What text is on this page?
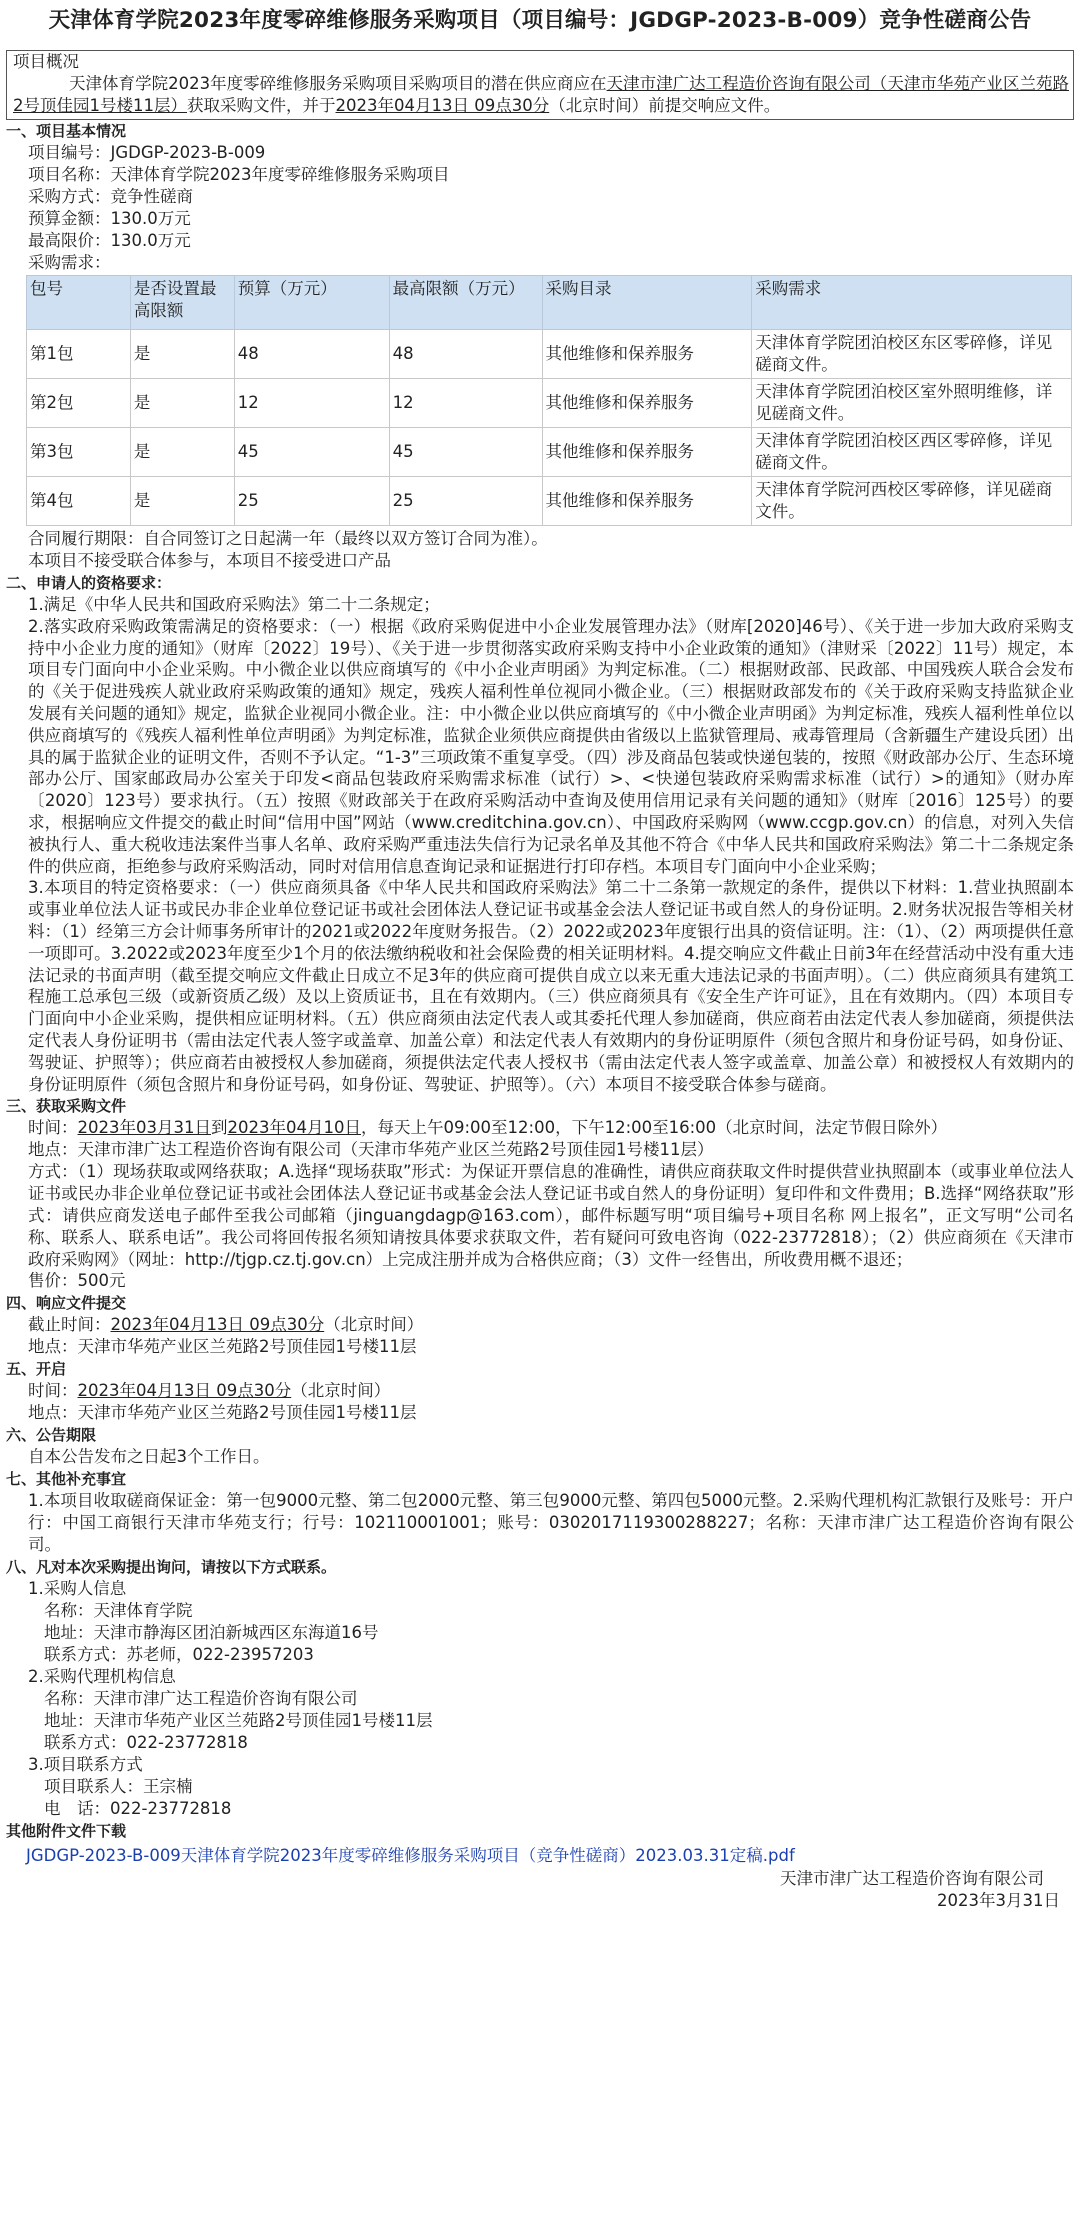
天津体育学院2023年度零碎维修服务采购项目（项目编号：JGDGP-2023-B-009）竞争性磋商公告
项目概况
天津体育学院2023年度零碎维修服务采购项目采购项目的潜在供应商应在天津市津广达工程造价咨询有限公司（天津市华苑产业区兰苑路2号顶佳园1号楼11层）获取采购文件，并于2023年04月13日 09点30分（北京时间）前提交响应文件。
一、项目基本情况
项目编号：JGDGP-2023-B-009
项目名称：天津体育学院2023年度零碎维修服务采购项目
采购方式：竞争性磋商
预算金额：130.0万元
最高限价：130.0万元
采购需求：
包号	是否设置最高限额	预算（万元）	最高限额（万元）	采购目录	采购需求
第1包	是	48	48	其他维修和保养服务	天津体育学院团泊校区东区零碎修，详见磋商文件。
第2包	是	12	12	其他维修和保养服务	天津体育学院团泊校区室外照明维修，详见磋商文件。
第3包	是	45	45	其他维修和保养服务	天津体育学院团泊校区西区零碎修，详见磋商文件。
第4包	是	25	25	其他维修和保养服务	天津体育学院河西校区零碎修，详见磋商文件。
合同履行期限：自合同签订之日起满一年（最终以双方签订合同为准）。
本项目不接受联合体参与，本项目不接受进口产品
二、申请人的资格要求：
1.满足《中华人民共和国政府采购法》第二十二条规定；
2.落实政府采购政策需满足的资格要求：（一）根据《政府采购促进中小企业发展管理办法》（财库[2020]46号）、《关于进一步加大政府采购支持中小企业力度的通知》（财库〔2022〕19号）、《关于进一步贯彻落实政府采购支持中小企业政策的通知》（津财采〔2022〕11号）规定，本项目专门面向中小企业采购。中小微企业以供应商填写的《中小企业声明函》为判定标准。（二）根据财政部、民政部、中国残疾人联合会发布的《关于促进残疾人就业政府采购政策的通知》规定，残疾人福利性单位视同小微企业。（三）根据财政部发布的《关于政府采购支持监狱企业发展有关问题的通知》规定，监狱企业视同小微企业。注：中小微企业以供应商填写的《中小微企业声明函》为判定标准，残疾人福利性单位以供应商填写的《残疾人福利性单位声明函》为判定标准，监狱企业须供应商提供由省级以上监狱管理局、戒毒管理局（含新疆生产建设兵团）出具的属于监狱企业的证明文件，否则不予认定。“1-3”三项政策不重复享受。（四）涉及商品包装或快递包装的，按照《财政部办公厅、生态环境部办公厅、国家邮政局办公室关于印发<商品包装政府采购需求标准（试行）>、<快递包装政府采购需求标准（试行）>的通知》（财办库〔2020〕123号）要求执行。（五）按照《财政部关于在政府采购活动中查询及使用信用记录有关问题的通知》（财库〔2016〕125号）的要求，根据响应文件提交的截止时间“信用中国”网站（www.creditchina.gov.cn）、中国政府采购网（www.ccgp.gov.cn）的信息，对列入失信被执行人、重大税收违法案件当事人名单、政府采购严重违法失信行为记录名单及其他不符合《中华人民共和国政府采购法》第二十二条规定条件的供应商，拒绝参与政府采购活动，同时对信用信息查询记录和证据进行打印存档。本项目专门面向中小企业采购；
3.本项目的特定资格要求：（一）供应商须具备《中华人民共和国政府采购法》第二十二条第一款规定的条件，提供以下材料：1.营业执照副本或事业单位法人证书或民办非企业单位登记证书或社会团体法人登记证书或基金会法人登记证书或自然人的身份证明。2.财务状况报告等相关材料：（1）经第三方会计师事务所审计的2021或2022年度财务报告。（2）2022或2023年度银行出具的资信证明。注：（1）、（2）两项提供任意一项即可。3.2022或2023年度至少1个月的依法缴纳税收和社会保险费的相关证明材料。4.提交响应文件截止日前3年在经营活动中没有重大违法记录的书面声明（截至提交响应文件截止日成立不足3年的供应商可提供自成立以来无重大违法记录的书面声明）。（二）供应商须具有建筑工程施工总承包三级（或新资质乙级）及以上资质证书，且在有效期内。（三）供应商须具有《安全生产许可证》，且在有效期内。（四）本项目专门面向中小企业采购，提供相应证明材料。（五）供应商须由法定代表人或其委托代理人参加磋商，供应商若由法定代表人参加磋商，须提供法定代表人身份证明书（需由法定代表人签字或盖章、加盖公章）和法定代表人有效期内的身份证明原件（须包含照片和身份证号码，如身份证、驾驶证、护照等）；供应商若由被授权人参加磋商，须提供法定代表人授权书（需由法定代表人签字或盖章、加盖公章）和被授权人有效期内的身份证明原件（须包含照片和身份证号码，如身份证、驾驶证、护照等）。（六）本项目不接受联合体参与磋商。
三、获取采购文件
时间：2023年03月31日到2023年04月10日，每天上午09:00至12:00，下午12:00至16:00（北京时间，法定节假日除外）
地点：天津市津广达工程造价咨询有限公司（天津市华苑产业区兰苑路2号顶佳园1号楼11层）
方式：（1）现场获取或网络获取；A.选择“现场获取”形式：为保证开票信息的准确性，请供应商获取文件时提供营业执照副本（或事业单位法人证书或民办非企业单位登记证书或社会团体法人登记证书或基金会法人登记证书或自然人的身份证明）复印件和文件费用；B.选择“网络获取”形式：请供应商发送电子邮件至我公司邮箱（jinguangdagp@163.com），邮件标题写明“项目编号+项目名称 网上报名”，正文写明“公司名称、联系人、联系电话”。我公司将回传报名须知请按具体要求获取文件，若有疑问可致电咨询（022-23772818）；（2）供应商须在《天津市政府采购网》（网址：http://tjgp.cz.tj.gov.cn）上完成注册并成为合格供应商；（3）文件一经售出，所收费用概不退还；
售价：500元
四、响应文件提交
截止时间：2023年04月13日 09点30分（北京时间）
地点：天津市华苑产业区兰苑路2号顶佳园1号楼11层
五、开启
时间：2023年04月13日 09点30分（北京时间）
地点：天津市华苑产业区兰苑路2号顶佳园1号楼11层
六、公告期限
自本公告发布之日起3个工作日。
七、其他补充事宜
1.本项目收取磋商保证金：第一包9000元整、第二包2000元整、第三包9000元整、第四包5000元整。2.采购代理机构汇款银行及账号：开户行：中国工商银行天津市华苑支行；行号：102110001001；账号：0302017119300288227；名称：天津市津广达工程造价咨询有限公司。
八、凡对本次采购提出询问，请按以下方式联系。
1.采购人信息
名称：天津体育学院
地址：天津市静海区团泊新城西区东海道16号
联系方式：苏老师，022-23957203
2.采购代理机构信息
名称：天津市津广达工程造价咨询有限公司
地址：天津市华苑产业区兰苑路2号顶佳园1号楼11层
联系方式：022-23772818
3.项目联系方式
项目联系人：王宗楠
电　话：022-23772818
其他附件文件下载
JGDGP-2023-B-009天津体育学院2023年度零碎维修服务采购项目（竞争性磋商）2023.03.31定稿.pdf
天津市津广达工程造价咨询有限公司
2023年3月31日
